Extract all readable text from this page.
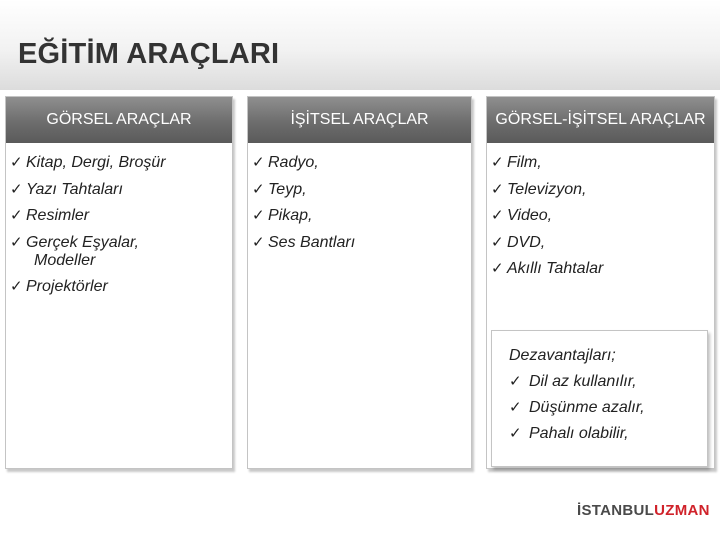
EĞİTİM ARAÇLARI
GÖRSEL ARAÇLAR
✓ Kitap, Dergi, Broşür
✓ Yazı Tahtaları
✓ Resimler
✓ Gerçek Eşyalar,
Modeller
✓ Projektörler
İŞİTSEL ARAÇLAR
✓ Radyo,
✓ Teyp,
✓ Pikap,
✓ Ses Bantları
GÖRSEL-İŞİTSEL ARAÇLAR
✓ Film,
✓ Televizyon,
✓ Video,
✓ DVD,
✓ Akıllı Tahtalar
Dezavantajları;
✓ Dil az kullanılır,
✓ Düşünme azalır,
✓ Pahalı olabilir,
İSTANBULUZMAN
